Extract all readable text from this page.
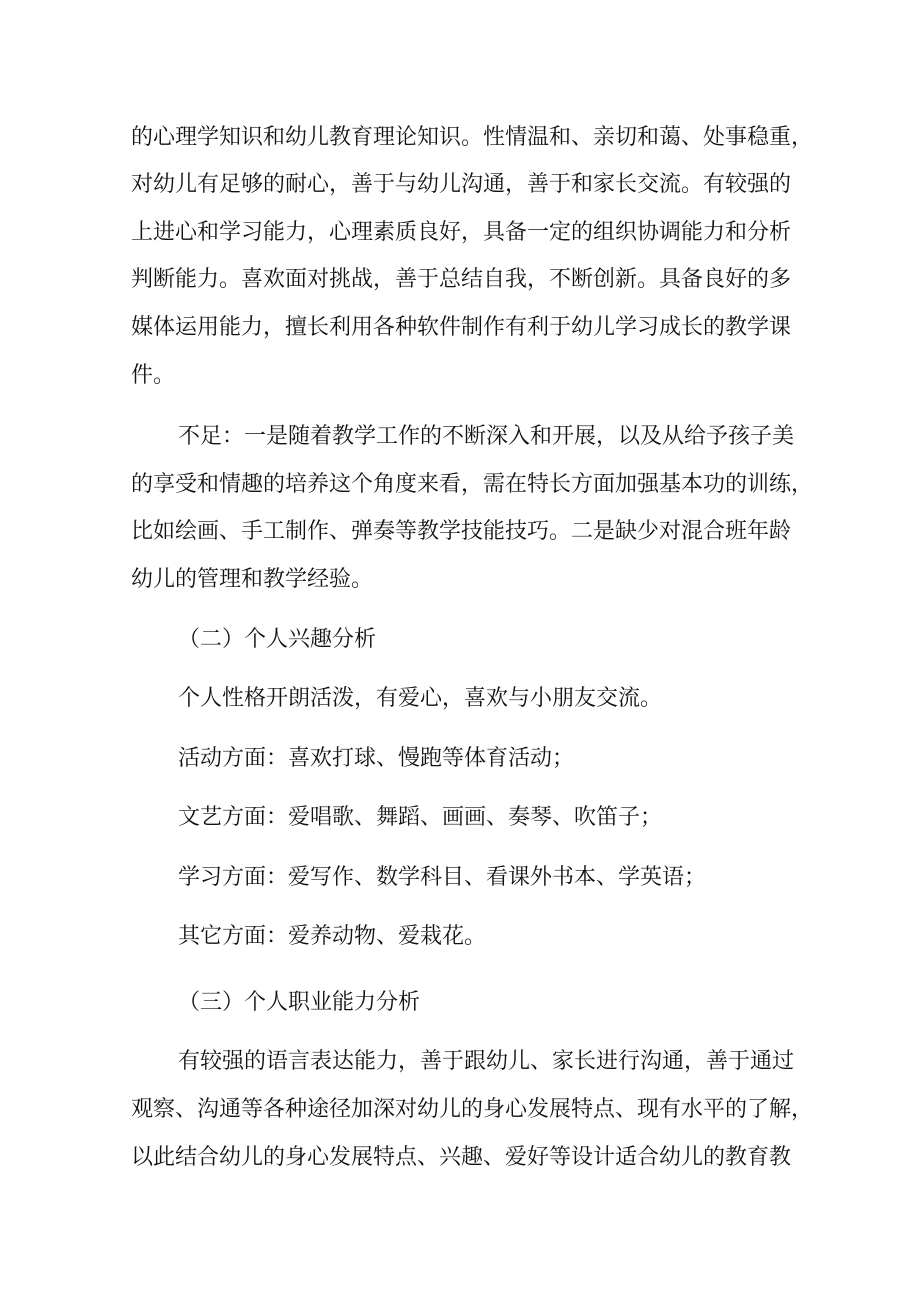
的心理学知识和幼儿教育理论知识。性情温和、亲切和蔼、处事稳重，
对幼儿有足够的耐心，善于与幼儿沟通，善于和家长交流。有较强的
上进心和学习能力，心理素质良好，具备一定的组织协调能力和分析
判断能力。喜欢面对挑战，善于总结自我，不断创新。具备良好的多
媒体运用能力，擅长利用各种软件制作有利于幼儿学习成长的教学课
件。
不足：一是随着教学工作的不断深入和开展，以及从给予孩子美
的享受和情趣的培养这个角度来看，需在特长方面加强基本功的训练，
比如绘画、手工制作、弹奏等教学技能技巧。二是缺少对混合班年龄
幼儿的管理和教学经验。
（二）个人兴趣分析
个人性格开朗活泼，有爱心，喜欢与小朋友交流。
活动方面：喜欢打球、慢跑等体育活动；
文艺方面：爱唱歌、舞蹈、画画、奏琴、吹笛子；
学习方面：爱写作、数学科目、看课外书本、学英语；
其它方面：爱养动物、爱栽花。
（三）个人职业能力分析
有较强的语言表达能力，善于跟幼儿、家长进行沟通，善于通过
观察、沟通等各种途径加深对幼儿的身心发展特点、现有水平的了解，
以此结合幼儿的身心发展特点、兴趣、爱好等设计适合幼儿的教育教
